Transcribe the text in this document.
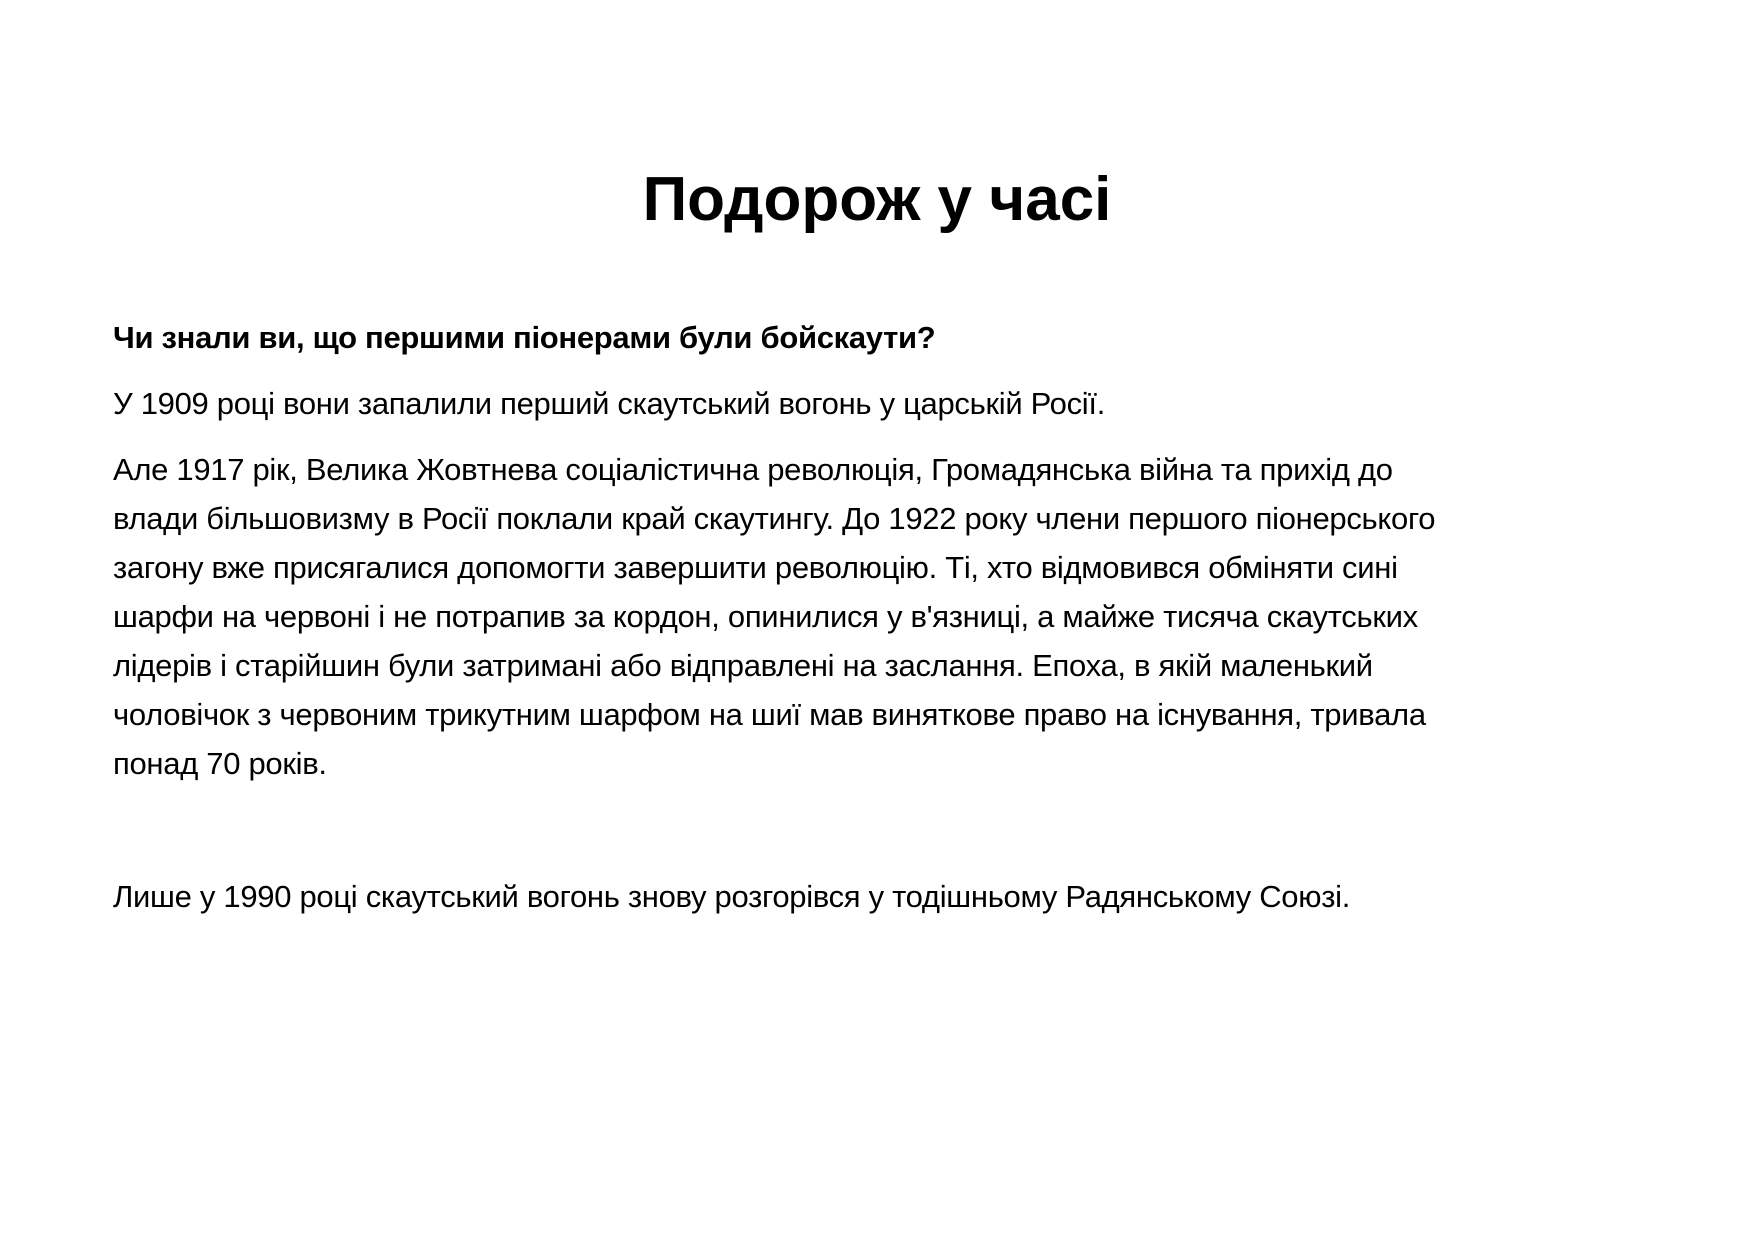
Подорож у часі

Чи знали ви, що першими піонерами були бойскаути?

У 1909 році вони запалили перший скаутський вогонь у царській Росії.

Але 1917 рік, Велика Жовтнева соціалістична революція, Громадянська війна та прихід до
влади більшовизму в Росії поклали край скаутингу. До 1922 року члени першого піонерського
загону вже присягалися допомогти завершити революцію. Ті, хто відмовився обміняти сині
шарфи на червоні і не потрапив за кордон, опинилися у в'язниці, а майже тисяча скаутських
лідерів і старійшин були затримані або відправлені на заслання. Епоха, в якій маленький
чоловічок з червоним трикутним шарфом на шиї мав виняткове право на існування, тривала
понад 70 років.

Лише у 1990 році скаутський вогонь знову розгорівся у тодішньому Радянському Союзі.
